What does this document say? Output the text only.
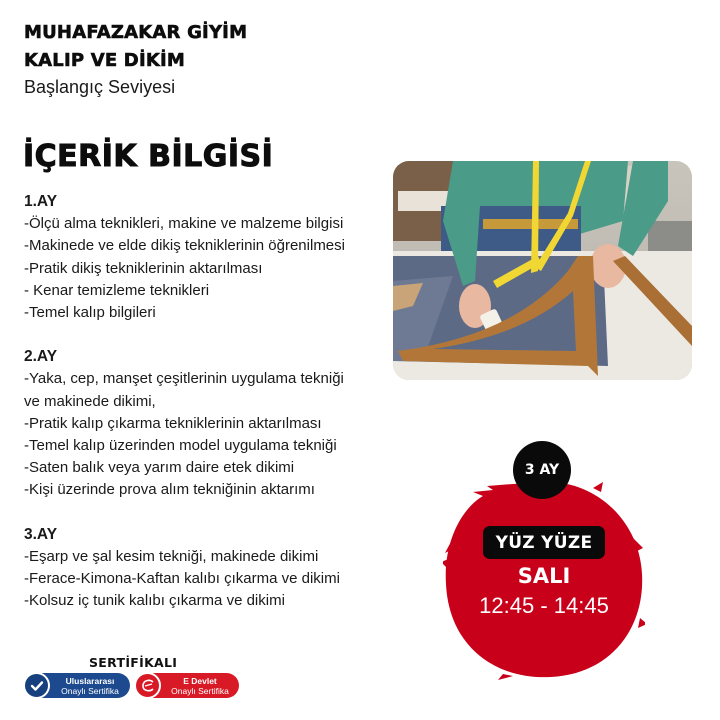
MUHAFAZAKAR GİYİM
KALIP VE DİKİM
Başlangıç Seviyesi
İÇERİK BİLGİSİ
1.AY
-Ölçü alma teknikleri, makine ve malzeme bilgisi
-Makinede ve elde dikiş tekniklerinin öğrenilmesi
-Pratik dikiş tekniklerinin aktarılması
- Kenar temizleme teknikleri
-Temel kalıp bilgileri
2.AY
-Yaka, cep, manşet çeşitlerinin uygulama tekniği
ve makinede dikimi,
-Pratik kalıp çıkarma tekniklerinin aktarılması
-Temel kalıp üzerinden model uygulama tekniği
-Saten balık veya yarım daire etek dikimi
-Kişi üzerinde prova alım tekniğinin aktarımı
3.AY
-Eşarp ve şal kesim tekniği, makinede dikimi
-Ferace-Kimona-Kaftan kalıbı çıkarma ve dikimi
-Kolsuz iç tunik kalıbı çıkarma ve dikimi
3 AY
YÜZ YÜZE
SALI
12:45 - 14:45
SERTİFİKALI
Uluslararası
Onaylı Sertifika
E Devlet
Onaylı Sertifika
